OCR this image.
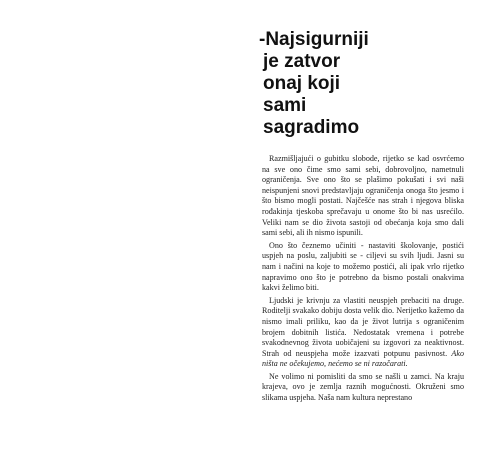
-Najsigurniji
je zatvor
onaj koji
sami
sagradimo

Razmišljajući o gubitku slobode, rijetko se kad osvrćemo na sve ono čime smo sami sebi, dobrovoljno, nametnuli ograničenja. Sve ono što se plašimo pokušati i svi naši neispunjeni snovi predstavljaju ograničenja onoga što jesmo i što bismo mogli postati. Najčešće nas strah i njegova bliska rođakinja tjeskoba sprečavaju u onome što bi nas usrećilo. Veliki nam se dio života sastoji od obećanja koja smo dali sami sebi, ali ih nismo ispunili.

Ono što čeznemo učiniti - nastaviti školovanje, postići uspjeh na poslu, zaljubiti se - ciljevi su svih ljudi. Jasni su nam i načini na koje to možemo postići, ali ipak vrlo rijetko napravimo ono što je potrebno da bismo postali onakvima kakvi želimo biti.

Ljudski je krivnju za vlastiti neuspjeh prebaciti na druge. Roditelji svakako dobiju dosta velik dio. Nerijetko kažemo da nismo imali priliku, kao da je život lutrija s ograničenim brojem dobitnih listića. Nedostatak vremena i potrebe svakodnevnog života uobičajeni su izgovori za neaktivnost. Strah od neuspjeha može izazvati potpunu pasivnost. Ako ništa ne očekujemo, nećemo se ni razočarati.

Ne volimo ni pomisliti da smo se našli u zamci. Na kraju krajeva, ovo je zemlja raznih mogućnosti. Okruženi smo slikama uspjeha. Naša nam kultura neprestano
